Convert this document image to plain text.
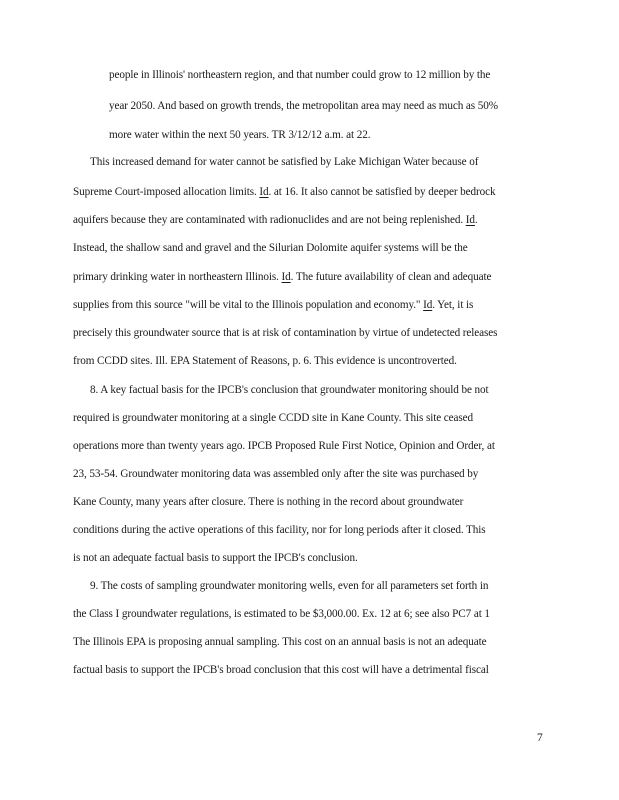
people in Illinois' northeastern region, and that number could grow to 12 million by the
year 2050. And based on growth trends, the metropolitan area may need as much as 50%
more water within the next 50 years. TR 3/12/12 a.m. at 22.
This increased demand for water cannot be satisfied by Lake Michigan Water because of
Supreme Court-imposed allocation limits. Id. at 16. It also cannot be satisfied by deeper bedrock
aquifers because they are contaminated with radionuclides and are not being replenished. Id.
Instead, the shallow sand and gravel and the Silurian Dolomite aquifer systems will be the
primary drinking water in northeastern Illinois. Id. The future availability of clean and adequate
supplies from this source "will be vital to the Illinois population and economy." Id. Yet, it is
precisely this groundwater source that is at risk of contamination by virtue of undetected releases
from CCDD sites. Ill. EPA Statement of Reasons, p. 6. This evidence is uncontroverted.
8. A key factual basis for the IPCB's conclusion that groundwater monitoring should be not
required is groundwater monitoring at a single CCDD site in Kane County. This site ceased
operations more than twenty years ago. IPCB Proposed Rule First Notice, Opinion and Order, at
23, 53-54. Groundwater monitoring data was assembled only after the site was purchased by
Kane County, many years after closure. There is nothing in the record about groundwater
conditions during the active operations of this facility, nor for long periods after it closed. This
is not an adequate factual basis to support the IPCB's conclusion.
9. The costs of sampling groundwater monitoring wells, even for all parameters set forth in
the Class I groundwater regulations, is estimated to be $3,000.00. Ex. 12 at 6; see also PC7 at 1
The Illinois EPA is proposing annual sampling. This cost on an annual basis is not an adequate
factual basis to support the IPCB's broad conclusion that this cost will have a detrimental fiscal
7
